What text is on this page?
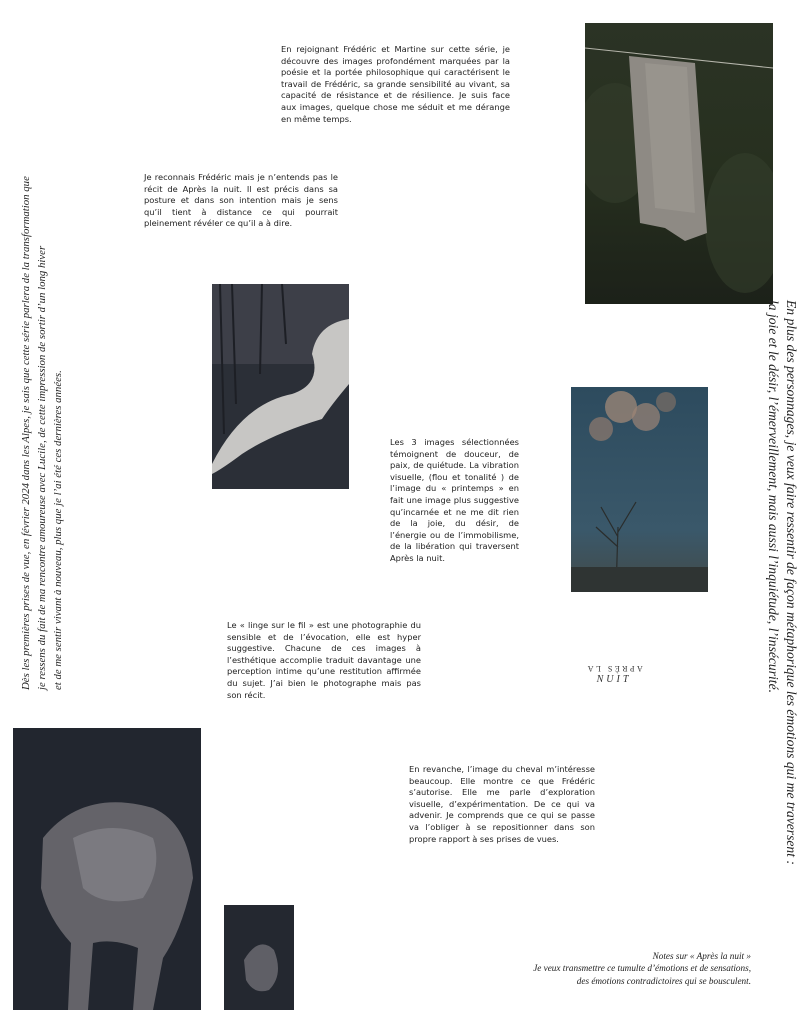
En rejoignant Frédéric et Martine sur cette série, je découvre des images profondément marquées par la poésie et la portée philosophique qui caractérisent le travail de Frédéric, sa grande sensibilité au vivant, sa capacité de résistance et de résilience. Je suis face aux images, quelque chose me séduit et me dérange en même temps.

Je reconnais Frédéric mais je n’entends pas le récit de Après la nuit. Il est précis dans sa posture et dans son intention mais je sens qu’il tient à distance ce qui pourrait pleinement révéler ce qu’il a à dire.

Les 3 images sélectionnées témoignent de douceur, de paix, de quiétude. La vibration visuelle, (flou et tonalité ) de l’image du « printemps » en fait une image plus suggestive qu’incarnée et ne me dit rien de la joie, du désir, de l’énergie ou de l’immobilisme, de la libération qui traversent Après la nuit.

Le « linge sur le fil » est une photographie du sensible et de l’évocation, elle est hyper suggestive. Chacune de ces images à l’esthétique accomplie traduit davantage une perception intime qu’une restitution affirmée du sujet. J’ai bien le photographe mais pas son récit.

En revanche, l’image du cheval m’intéresse beaucoup. Elle montre ce que Frédéric s’autorise. Elle me parle d’exploration visuelle, d’expérimentation. De ce qui va advenir. Je comprends que ce qui se passe va l’obliger à se repositionner dans son propre rapport à ses prises de vues.

Dès les premières prises de vue, en février 2024 dans les Alpes, je sais que cette série parlera de la transformation que je ressens du fait de ma rencontre amoureuse avec Lucile, de cette impression de sortir d’un long hiver et de me sentir vivant à nouveau, plus que je l’ai été ces dernières années.	En plus des personnages, je veux faire ressentir de façon métaphorique les émotions qui me traversent :
la joie et le désir, l’émerveillement, mais aussi l’inquiétude, l’insécurité.
APRÈS LA
NUIT
Notes sur « Après la nuit »
Je veux transmettre ce tumulte d’émotions et de sensations,
des émotions contradictoires qui se bousculent.
